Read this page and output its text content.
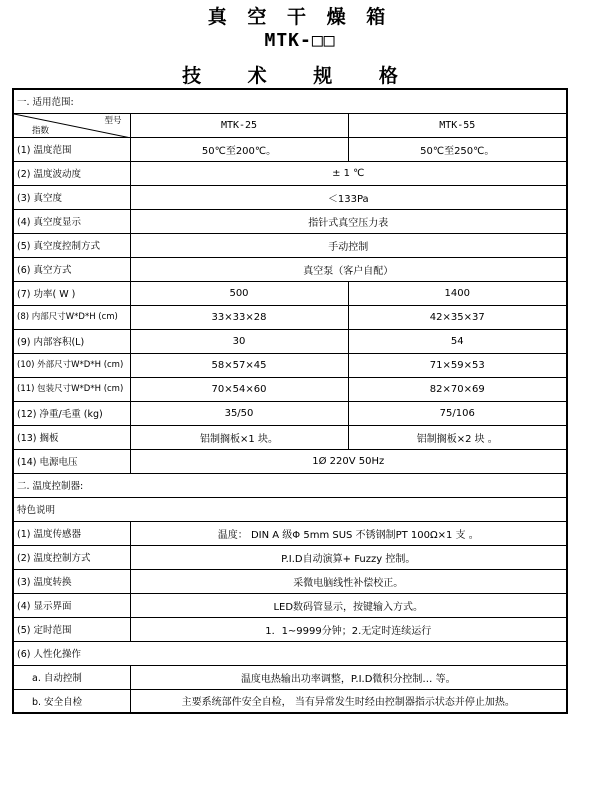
真 空 干 燥 箱
MTK-□□
技 术 规 格
一. 适用范围:		

型号
指数	MTK-25	MTK-55
(1) 温度范围	50℃至200℃。	50℃至250℃。
(2) 温度波动度	± 1 ℃	
(3) 真空度	＜133Pa	
(4) 真空度显示	指针式真空压力表	
(5) 真空度控制方式	手动控制	
(6) 真空方式	真空泵（客户自配）	
(7) 功率( W )	500	1400
(8) 内部尺寸W*D*H (cm)	33×33×28	42×35×37
(9) 内部容积(L)	30	54
(10) 外部尺寸W*D*H (cm)	58×57×45	71×59×53
(11) 包装尺寸W*D*H (cm)	70×54×60	82×70×69
(12) 净重/毛重 (kg)	35/50	75/106
(13) 搁板	铝制搁板×1 块。	铝制搁板×2 块 。
(14) 电源电压	1Ø 220V 50Hz	
二. 温度控制器:		
特色说明		
(1) 温度传感器	温度： DIN A 级Φ 5mm SUS 不锈钢制PT 100Ω×1 支 。	
(2) 温度控制方式	P.I.D自动演算+ Fuzzy 控制。	
(3) 温度转换	采微电脑线性补偿校正。	
(4) 显示界面	LED数码管显示，按键输入方式。	
(5) 定时范围	1．1~9999分钟；2.无定时连续运行	
(6) 人性化操作		
a. 自动控制	温度电热输出功率调整，P.I.D微积分控制… 等。	
b. 安全自检	主要系统部件安全自检， 当有异常发生时经由控制器指示状态并停止加热。	
